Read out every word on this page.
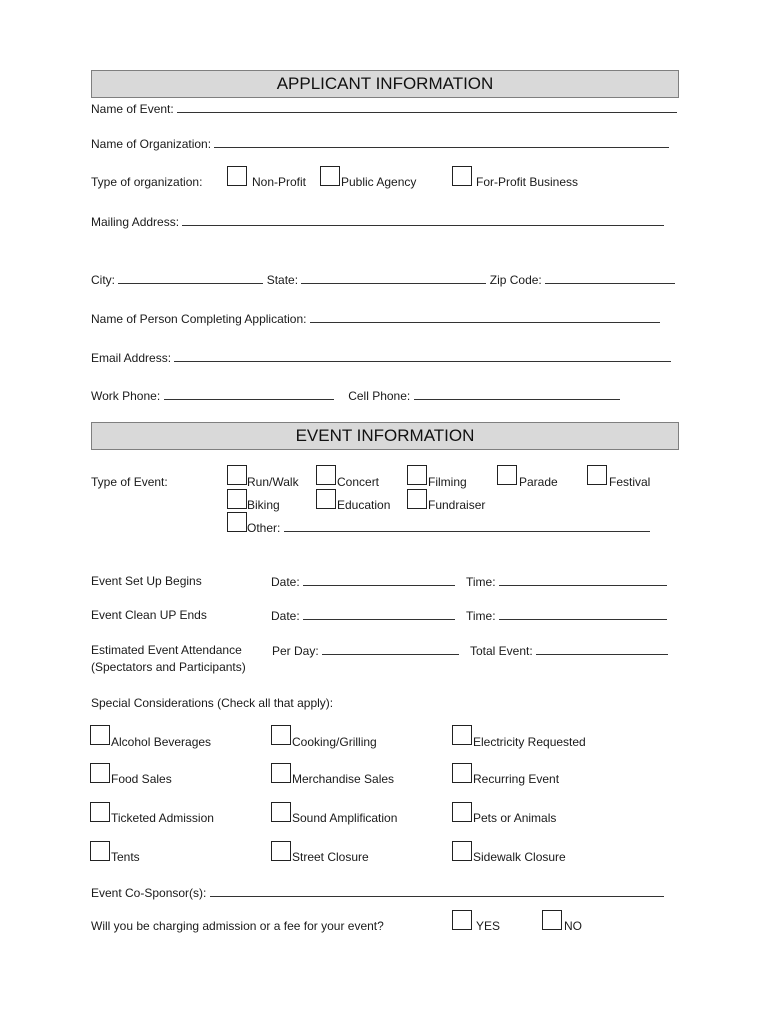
APPLICANT INFORMATION
Name of Event:
Name of Organization:
Type of organization:	Non-Profit	Public Agency	For-Profit Business
Mailing Address:
City:	State:	Zip Code:
Name of Person Completing Application:
Email Address:
Work Phone:	Cell Phone:
EVENT INFORMATION
Type of Event:	Run/Walk	Concert	Filming	Parade	Festival
Biking	Education	Fundraiser
Other:
Event Set Up Begins	Date:	Time:
Event Clean UP Ends	Date:	Time:
Estimated Event Attendance
(Spectators and Participants)
Per Day:	Total Event:
Special Considerations (Check all that apply):
Alcohol Beverages	Cooking/Grilling	Electricity Requested
Food Sales	Merchandise Sales	Recurring Event
Ticketed Admission	Sound Amplification	Pets or Animals
Tents	Street Closure	Sidewalk Closure
Event Co-Sponsor(s):
Will you be charging admission or a fee for your event?	YES	NO
